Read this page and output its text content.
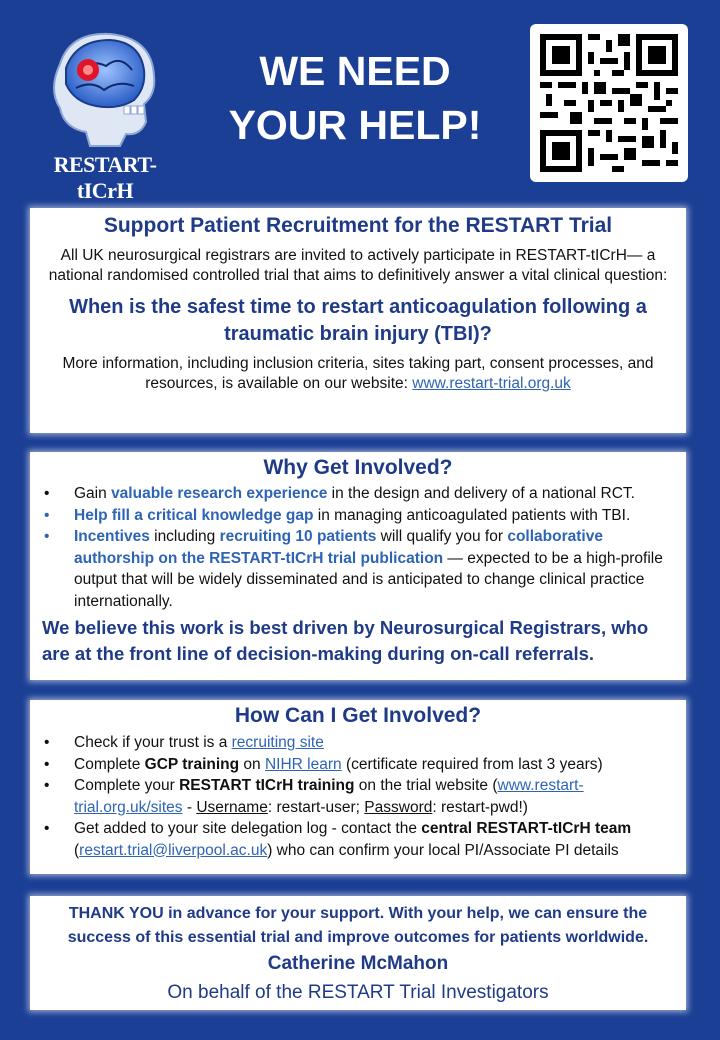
RESTART-tICrH
WE NEED
YOUR HELP!
Support Patient Recruitment for the RESTART Trial

All UK neurosurgical registrars are invited to actively participate in RESTART-tICrH— a national randomised controlled trial that aims to definitively answer a vital clinical question:

When is the safest time to restart anticoagulation following a traumatic brain injury (TBI)?

More information, including inclusion criteria, sites taking part, consent processes, and resources, is available on our website: www.restart-trial.org.uk

Why Get Involved?
• Gain valuable research experience in the design and delivery of a national RCT.
• Help fill a critical knowledge gap in managing anticoagulated patients with TBI.
• Incentives including recruiting 10 patients will qualify you for collaborative authorship on the RESTART-tICrH trial publication — expected to be a high-profile output that will be widely disseminated and is anticipated to change clinical practice internationally.
We believe this work is best driven by Neurosurgical Registrars, who are at the front line of decision-making during on-call referrals.
How Can I Get Involved?
• Check if your trust is a recruiting site
• Complete GCP training on NIHR learn (certificate required from last 3 years)
• Complete your RESTART tICrH training on the trial website (www.restart-trial.org.uk/sites - Username: restart-user; Password: restart-pwd!)
• Get added to your site delegation log - contact the central RESTART-tICrH team (restart.trial@liverpool.ac.uk) who can confirm your local PI/Associate PI details
THANK YOU in advance for your support. With your help, we can ensure the success of this essential trial and improve outcomes for patients worldwide.
Catherine McMahon
On behalf of the RESTART Trial Investigators
